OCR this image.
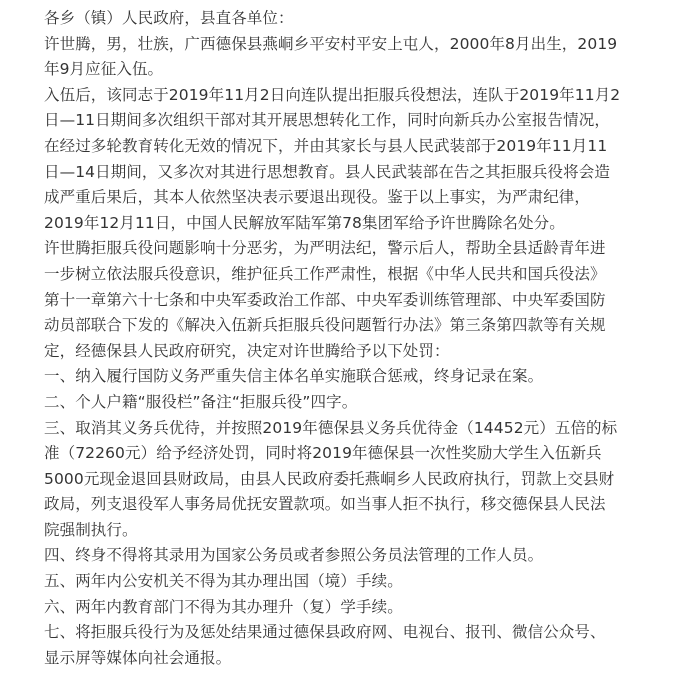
各乡（镇）人民政府，县直各单位：
许世腾，男，壮族，广西德保县燕峒乡平安村平安上屯人，2000年8月出生，2019
年9月应征入伍。
入伍后，该同志于2019年11月2日向连队提出拒服兵役想法，连队于2019年11月2
日—11日期间多次组织干部对其开展思想转化工作，同时向新兵办公室报告情况，
在经过多轮教育转化无效的情况下，并由其家长与县人民武装部于2019年11月11
日—14日期间，又多次对其进行思想教育。县人民武装部在告之其拒服兵役将会造
成严重后果后，其本人依然坚决表示要退出现役。鉴于以上事实，为严肃纪律，
2019年12月11日，中国人民解放军陆军第78集团军给予许世腾除名处分。
许世腾拒服兵役问题影响十分恶劣，为严明法纪，警示后人，帮助全县适龄青年进
一步树立依法服兵役意识，维护征兵工作严肃性，根据《中华人民共和国兵役法》
第十一章第六十七条和中央军委政治工作部、中央军委训练管理部、中央军委国防
动员部联合下发的《解决入伍新兵拒服兵役问题暂行办法》第三条第四款等有关规
定，经德保县人民政府研究，决定对许世腾给予以下处罚：
一、纳入履行国防义务严重失信主体名单实施联合惩戒，终身记录在案。
二、个人户籍“服役栏”备注“拒服兵役”四字。
三、取消其义务兵优待，并按照2019年德保县义务兵优待金（14452元）五倍的标
准（72260元）给予经济处罚，同时将2019年德保县一次性奖励大学生入伍新兵
5000元现金退回县财政局，由县人民政府委托燕峒乡人民政府执行，罚款上交县财
政局，列支退役军人事务局优抚安置款项。如当事人拒不执行，移交德保县人民法
院强制执行。
四、终身不得将其录用为国家公务员或者参照公务员法管理的工作人员。
五、两年内公安机关不得为其办理出国（境）手续。
六、两年内教育部门不得为其办理升（复）学手续。
七、将拒服兵役行为及惩处结果通过德保县政府网、电视台、报刊、微信公众号、
显示屏等媒体向社会通报。
